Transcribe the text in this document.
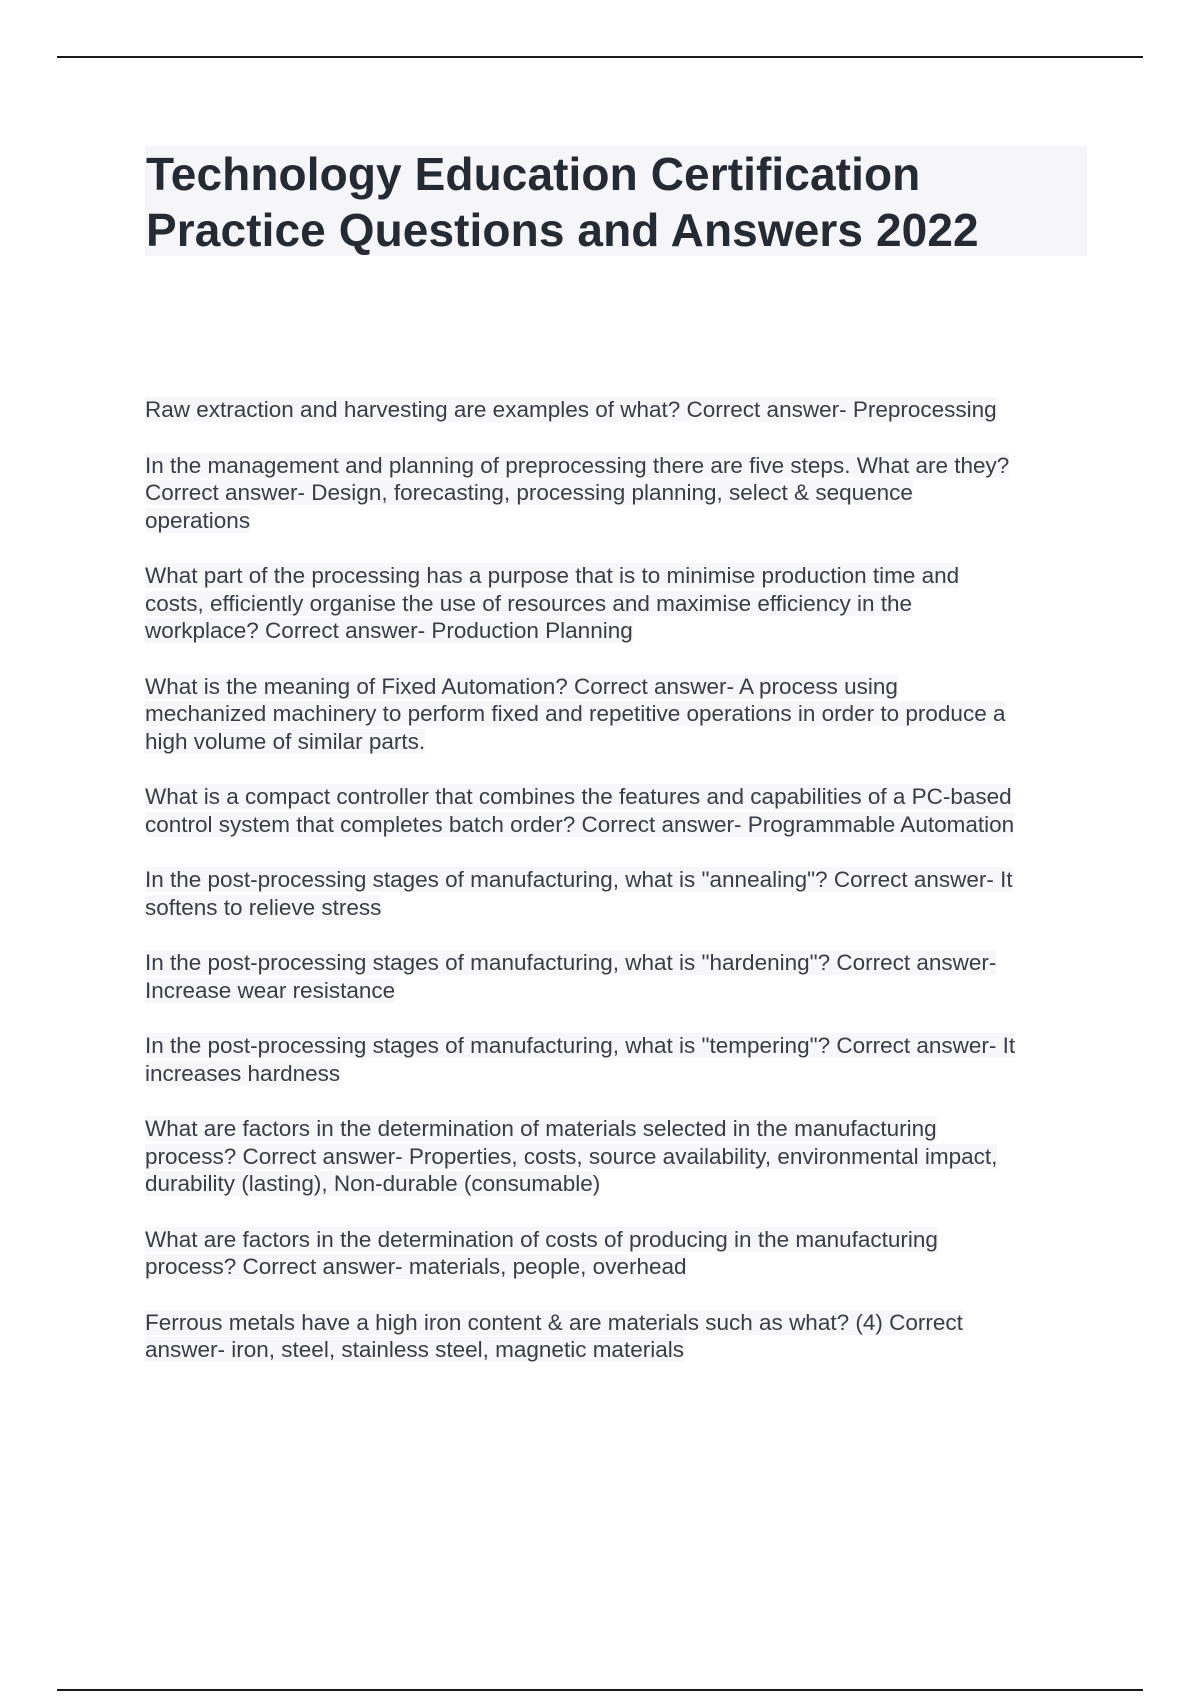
Technology Education Certification
Practice Questions and Answers 2022
Raw extraction and harvesting are examples of what? Correct answer- Preprocessing
In the management and planning of preprocessing there are five steps. What are they?
Correct answer- Design, forecasting, processing planning, select & sequence
operations
What part of the processing has a purpose that is to minimise production time and
costs, efficiently organise the use of resources and maximise efficiency in the
workplace? Correct answer- Production Planning
What is the meaning of Fixed Automation? Correct answer- A process using
mechanized machinery to perform fixed and repetitive operations in order to produce a
high volume of similar parts.
What is a compact controller that combines the features and capabilities of a PC-based
control system that completes batch order? Correct answer- Programmable Automation
In the post-processing stages of manufacturing, what is "annealing"? Correct answer- It
softens to relieve stress
In the post-processing stages of manufacturing, what is "hardening"? Correct answer-
Increase wear resistance
In the post-processing stages of manufacturing, what is "tempering"? Correct answer- It
increases hardness
What are factors in the determination of materials selected in the manufacturing
process? Correct answer- Properties, costs, source availability, environmental impact,
durability (lasting), Non-durable (consumable)
What are factors in the determination of costs of producing in the manufacturing
process? Correct answer- materials, people, overhead
Ferrous metals have a high iron content & are materials such as what? (4) Correct
answer- iron, steel, stainless steel, magnetic materials
